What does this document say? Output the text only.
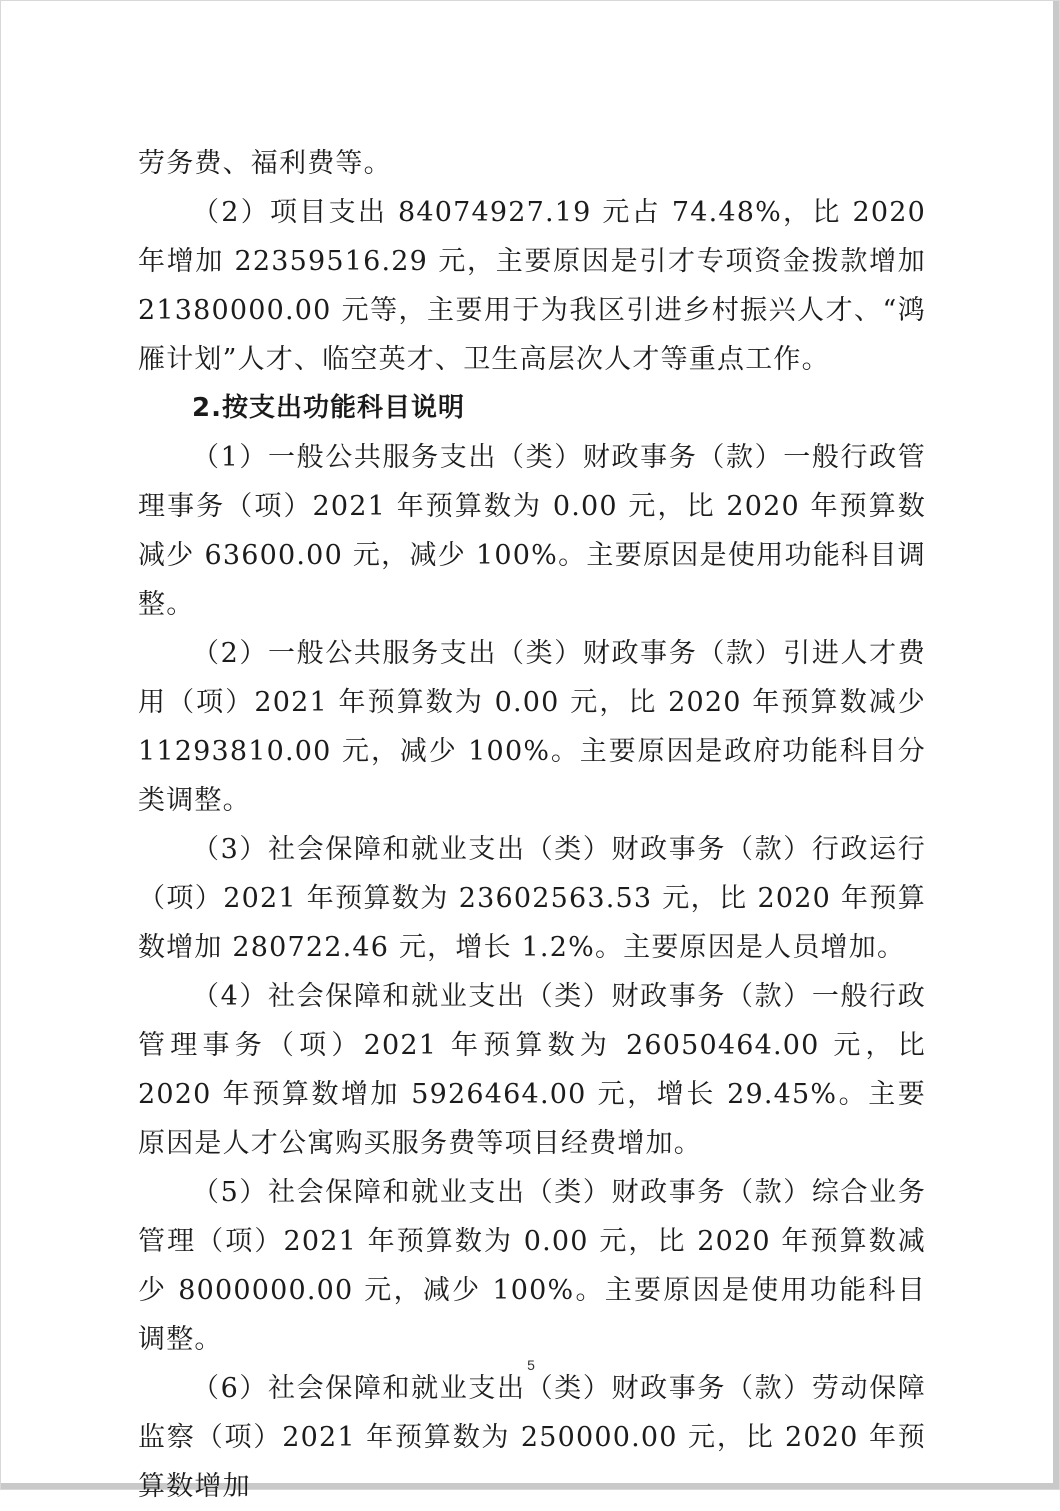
劳务费、福利费等。

（2）项目支出 84074927.19 元占 74.48%，比 2020 年增加 22359516.29 元，主要原因是引才专项资金拨款增加 21380000.00 元等，主要用于为我区引进乡村振兴人才、“鸿雁计划”人才、临空英才、卫生高层次人才等重点工作。

2.按支出功能科目说明

（1）一般公共服务支出（类）财政事务（款）一般行政管理事务（项）2021 年预算数为 0.00 元，比 2020 年预算数减少 63600.00 元，减少 100%。主要原因是使用功能科目调整。

（2）一般公共服务支出（类）财政事务（款）引进人才费用（项）2021 年预算数为 0.00 元，比 2020 年预算数减少 11293810.00 元，减少 100%。主要原因是政府功能科目分类调整。

（3）社会保障和就业支出（类）财政事务（款）行政运行（项）2021 年预算数为 23602563.53 元，比 2020 年预算数增加 280722.46 元，增长 1.2%。主要原因是人员增加。

（4）社会保障和就业支出（类）财政事务（款）一般行政管理事务（项）2021 年预算数为 26050464.00 元，比 2020 年预算数增加 5926464.00 元，增长 29.45%。主要原因是人才公寓购买服务费等项目经费增加。

（5）社会保障和就业支出（类）财政事务（款）综合业务管理（项）2021 年预算数为 0.00 元，比 2020 年预算数减少 8000000.00 元，减少 100%。主要原因是使用功能科目调整。

（6）社会保障和就业支出（类）财政事务（款）劳动保障监察（项）2021 年预算数为 250000.00 元，比 2020 年预算数增加

5
